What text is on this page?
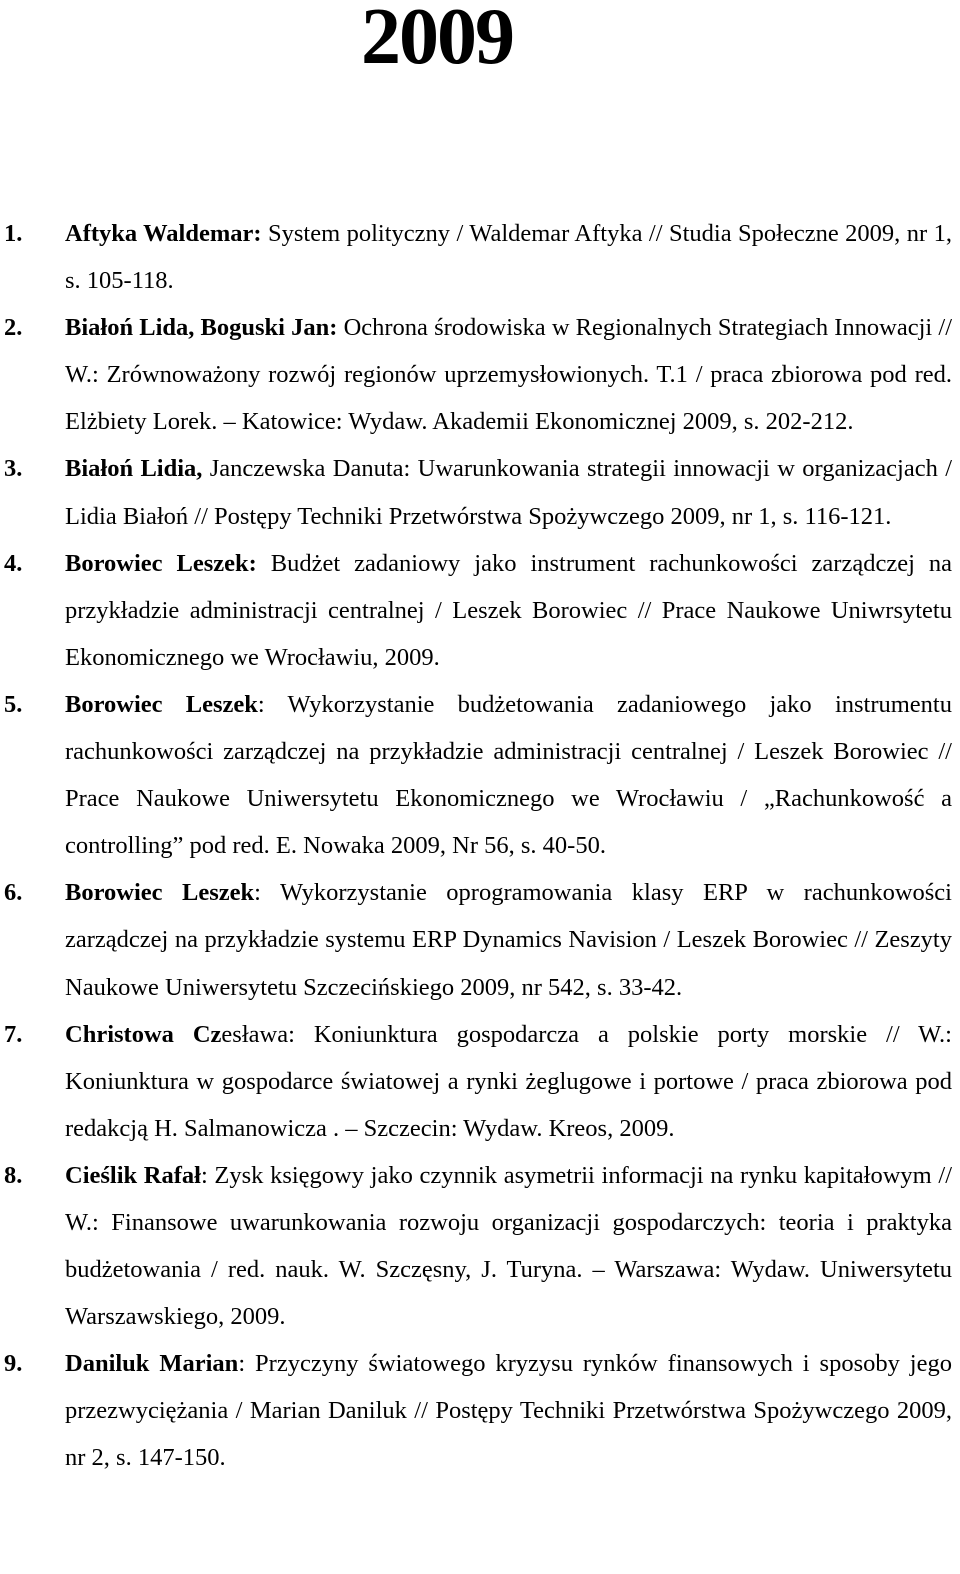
2009
1. Aftyka Waldemar: System polityczny / Waldemar Aftyka // Studia Społeczne 2009, nr 1, s. 105-118.
2. Białoń Lida, Boguski Jan: Ochrona środowiska w Regionalnych Strategiach Innowacji // W.: Zrównoważony rozwój regionów uprzemysłowionych. T.1 / praca zbiorowa pod red. Elżbiety Lorek. – Katowice: Wydaw. Akademii Ekonomicznej 2009, s. 202-212.
3. Białoń Lidia, Janczewska Danuta: Uwarunkowania strategii innowacji w organizacjach / Lidia Białoń // Postępy Techniki Przetwórstwa Spożywczego 2009, nr 1, s. 116-121.
4. Borowiec Leszek: Budżet zadaniowy jako instrument rachunkowości zarządczej na przykładzie administracji centralnej / Leszek Borowiec // Prace Naukowe Uniwrsytetu Ekonomicznego we Wrocławiu, 2009.
5. Borowiec Leszek: Wykorzystanie budżetowania zadaniowego jako instrumentu rachunkowości zarządczej na przykładzie administracji centralnej / Leszek Borowiec // Prace Naukowe Uniwersytetu Ekonomicznego we Wrocławiu / „Rachunkowość a controlling” pod red. E. Nowaka 2009, Nr 56, s. 40-50.
6. Borowiec Leszek: Wykorzystanie oprogramowania klasy ERP w rachunkowości zarządczej na przykładzie systemu ERP Dynamics Navision / Leszek Borowiec // Zeszyty Naukowe Uniwersytetu Szczecińskiego 2009, nr 542, s. 33-42.
7. Christowa Czesława: Koniunktura gospodarcza a polskie porty morskie // W.: Koniunktura w gospodarce światowej a rynki żeglugowe i portowe / praca zbiorowa pod redakcją H. Salmanowicza . – Szczecin: Wydaw. Kreos, 2009.
8. Cieślik Rafał: Zysk księgowy jako czynnik asymetrii informacji na rynku kapitałowym // W.: Finansowe uwarunkowania rozwoju organizacji gospodarczych: teoria i praktyka budżetowania / red. nauk. W. Szczęsny, J. Turyna. – Warszawa: Wydaw. Uniwersytetu Warszawskiego, 2009.
9. Daniluk Marian: Przyczyny światowego kryzysu rynków finansowych i sposoby jego przezwyciężania / Marian Daniluk // Postępy Techniki Przetwórstwa Spożywczego 2009, nr 2, s. 147-150.
